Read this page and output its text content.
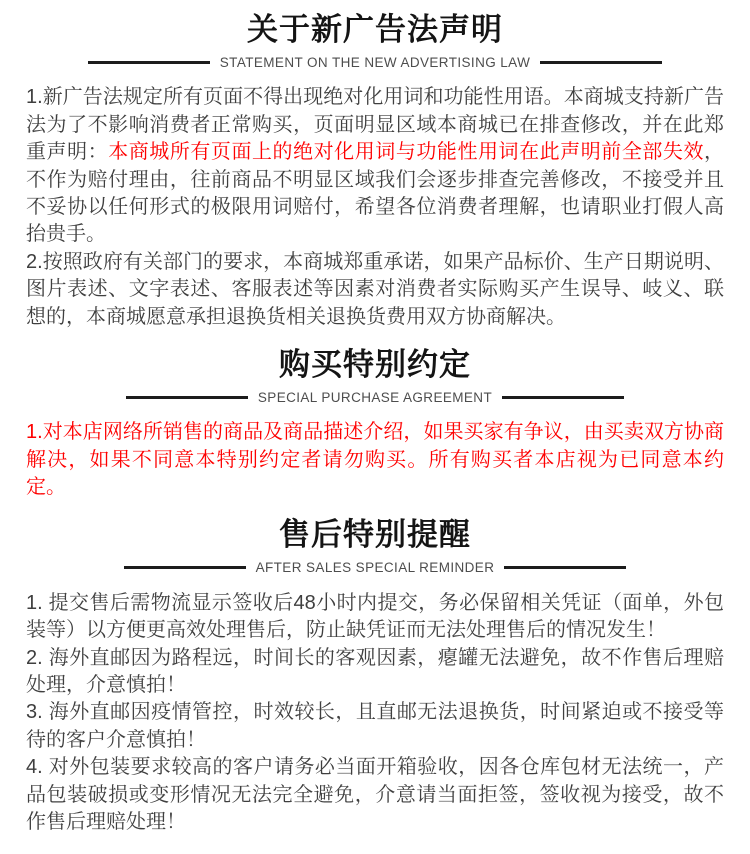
关于新广告法声明
STATEMENT ON THE NEW ADVERTISING LAW

1.新广告法规定所有页面不得出现绝对化用词和功能性用语。本商城支持新广告法为了不影响消费者正常购买，页面明显区域本商城已在排查修改，并在此郑重声明：本商城所有页面上的绝对化用词与功能性用词在此声明前全部失效，不作为赔付理由，往前商品不明显区域我们会逐步排查完善修改，不接受并且不妥协以任何形式的极限用词赔付，希望各位消费者理解，也请职业打假人高抬贵手。

2.按照政府有关部门的要求，本商城郑重承诺，如果产品标价、生产日期说明、图片表述、文字表述、客服表述等因素对消费者实际购买产生误导、岐义、联想的，本商城愿意承担退换货相关退换货费用双方协商解决。

购买特别约定
SPECIAL PURCHASE AGREEMENT

1.对本店网络所销售的商品及商品描述介绍，如果买家有争议，由买卖双方协商解决，如果不同意本特别约定者请勿购买。所有购买者本店视为已同意本约定。

售后特别提醒
AFTER SALES SPECIAL REMINDER

1. 提交售后需物流显示签收后48小时内提交，务必保留相关凭证（面单，外包装等）以方便更高效处理售后，防止缺凭证而无法处理售后的情况发生！

2. 海外直邮因为路程远，时间长的客观因素，瘪罐无法避免，故不作售后理赔处理，介意慎拍！

3. 海外直邮因疫情管控，时效较长，且直邮无法退换货，时间紧迫或不接受等待的客户介意慎拍！

4. 对外包装要求较高的客户请务必当面开箱验收，因各仓库包材无法统一，产品包装破损或变形情况无法完全避免，介意请当面拒签，签收视为接受，故不作售后理赔处理！
